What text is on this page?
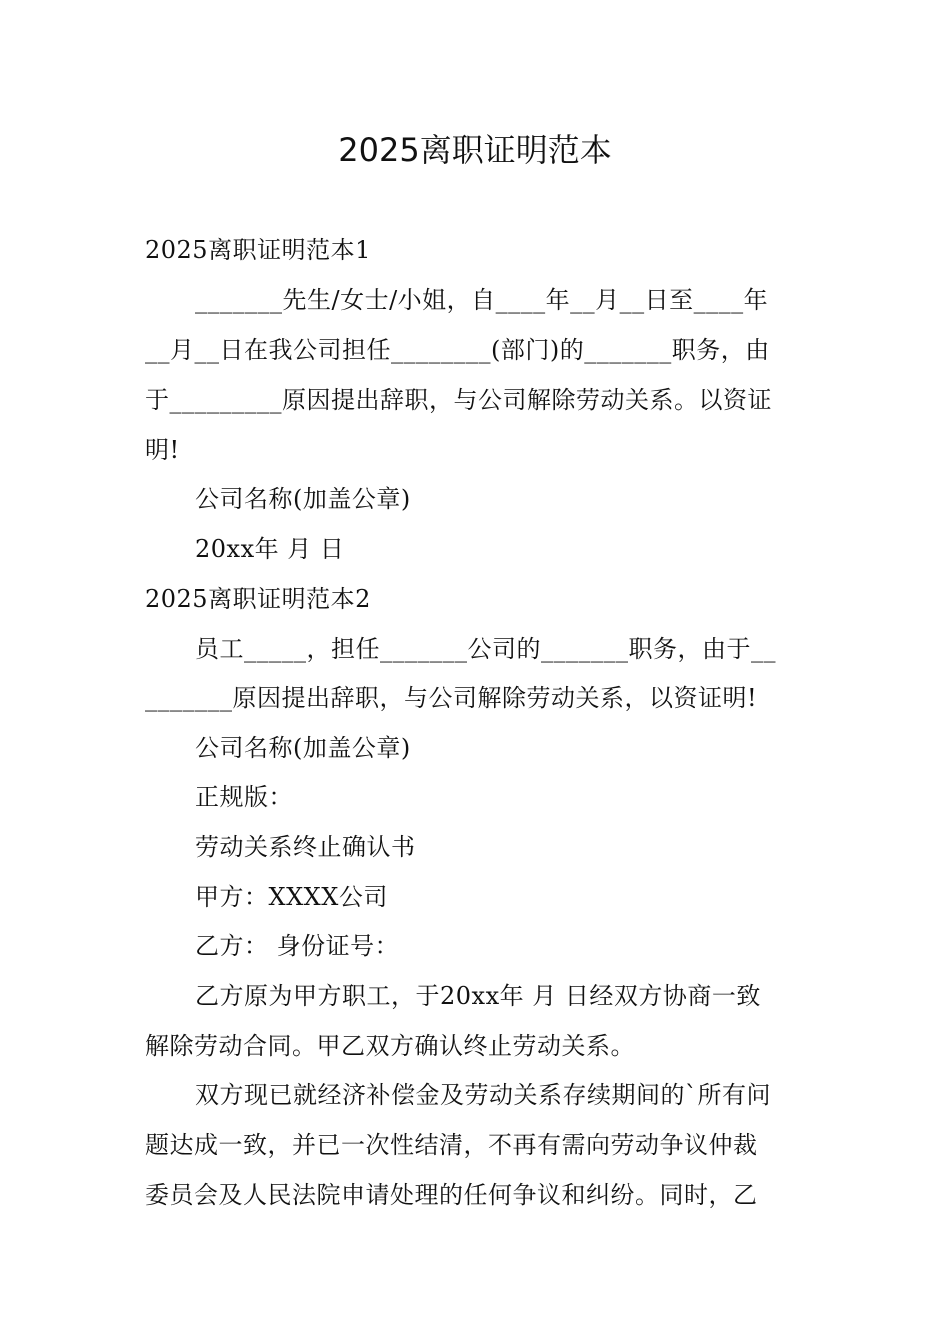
2025离职证明范本
2025离职证明范本1
_______先生/女士/小姐，自____年__月__日至____年
__月__日在我公司担任________(部门)的_______职务，由
于_________原因提出辞职，与公司解除劳动关系。以资证
明!
公司名称(加盖公章)
20xx年 月 日
2025离职证明范本2
员工_____，担任_______公司的_______职务，由于__
_______原因提出辞职，与公司解除劳动关系，以资证明!
公司名称(加盖公章)
正规版：
劳动关系终止确认书
甲方：XXXX公司
乙方： 身份证号：
乙方原为甲方职工，于20xx年 月 日经双方协商一致
解除劳动合同。甲乙双方确认终止劳动关系。
双方现已就经济补偿金及劳动关系存续期间的`所有问
题达成一致，并已一次性结清，不再有需向劳动争议仲裁
委员会及人民法院申请处理的任何争议和纠纷。同时，乙
